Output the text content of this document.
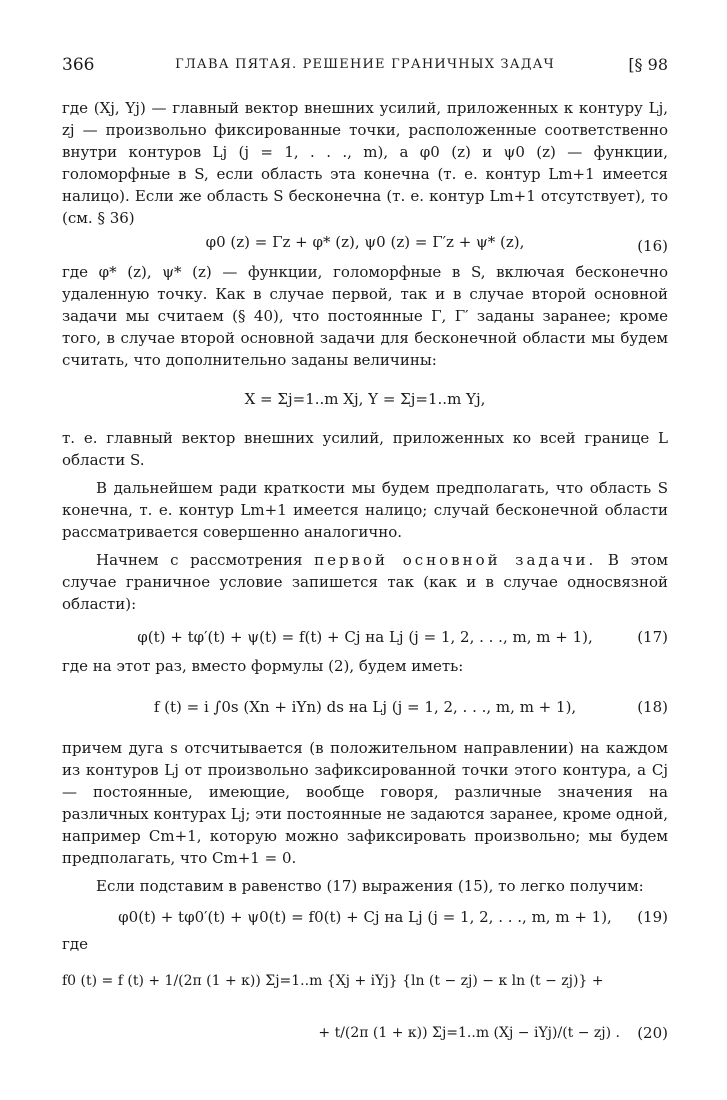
366	ГЛАВА ПЯТАЯ. РЕШЕНИЕ ГРАНИЧНЫХ ЗАДАЧ	[§ 98

где (Xj, Yj) — главный вектор внешних усилий, приложенных к контуру Lj, zj — произвольно фиксированные точки, расположенные соответственно внутри контуров Lj (j = 1, . . ., m), а φ0 (z) и ψ0 (z) — функции, голоморфные в S, если область эта конечна (т. е. контур Lm+1 имеется налицо). Если же область S бесконечна (т. е. контур Lm+1 отсутствует), то (см. § 36)

φ0 (z) = Γz + φ* (z), ψ0 (z) = Γ′z + ψ* (z),	(16)

где φ* (z), ψ* (z) — функции, голоморфные в S, включая бесконечно удаленную точку. Как в случае первой, так и в случае второй основной задачи мы считаем (§ 40), что постоянные Γ, Γ′ заданы заранее; кроме того, в случае второй основной задачи для бесконечной области мы будем считать, что дополнительно заданы величины:

X = Σj=1..m Xj, Y = Σj=1..m Yj,

т. е. главный вектор внешних усилий, приложенных ко всей границе L области S.

В дальнейшем ради краткости мы будем предполагать, что область S конечна, т. е. контур Lm+1 имеется налицо; случай бесконечной области рассматривается совершенно аналогично.

Начнем с рассмотрения первой основной задачи. В этом случае граничное условие запишется так (как и в случае односвязной области):

φ(t) + tφ′(t) + ψ(t) = f(t) + Cj на Lj (j = 1, 2, . . ., m, m + 1),	(17)

где на этот раз, вместо формулы (2), будем иметь:

f (t) = i ∫0s (Xn + iYn) ds на Lj (j = 1, 2, . . ., m, m + 1),	(18)

причем дуга s отсчитывается (в положительном направлении) на каждом из контуров Lj от произвольно зафиксированной точки этого контура, а Cj — постоянные, имеющие, вообще говоря, различные значения на различных контурах Lj; эти постоянные не задаются заранее, кроме одной, например Cm+1, которую можно зафиксировать произвольно; мы будем предполагать, что Cm+1 = 0.

Если подставим в равенство (17) выражения (15), то легко получим:

φ0(t) + tφ0′(t) + ψ0(t) = f0(t) + Cj на Lj (j = 1, 2, . . ., m, m + 1), (19)

где

f0 (t) = f (t) + 1/(2π (1 + κ)) Σj=1..m {Xj + iYj} {ln (t − zj) − κ ln (t − zj)} +
+ t/(2π (1 + κ)) Σj=1..m (Xj − iYj)/(t − zj) . (20)
